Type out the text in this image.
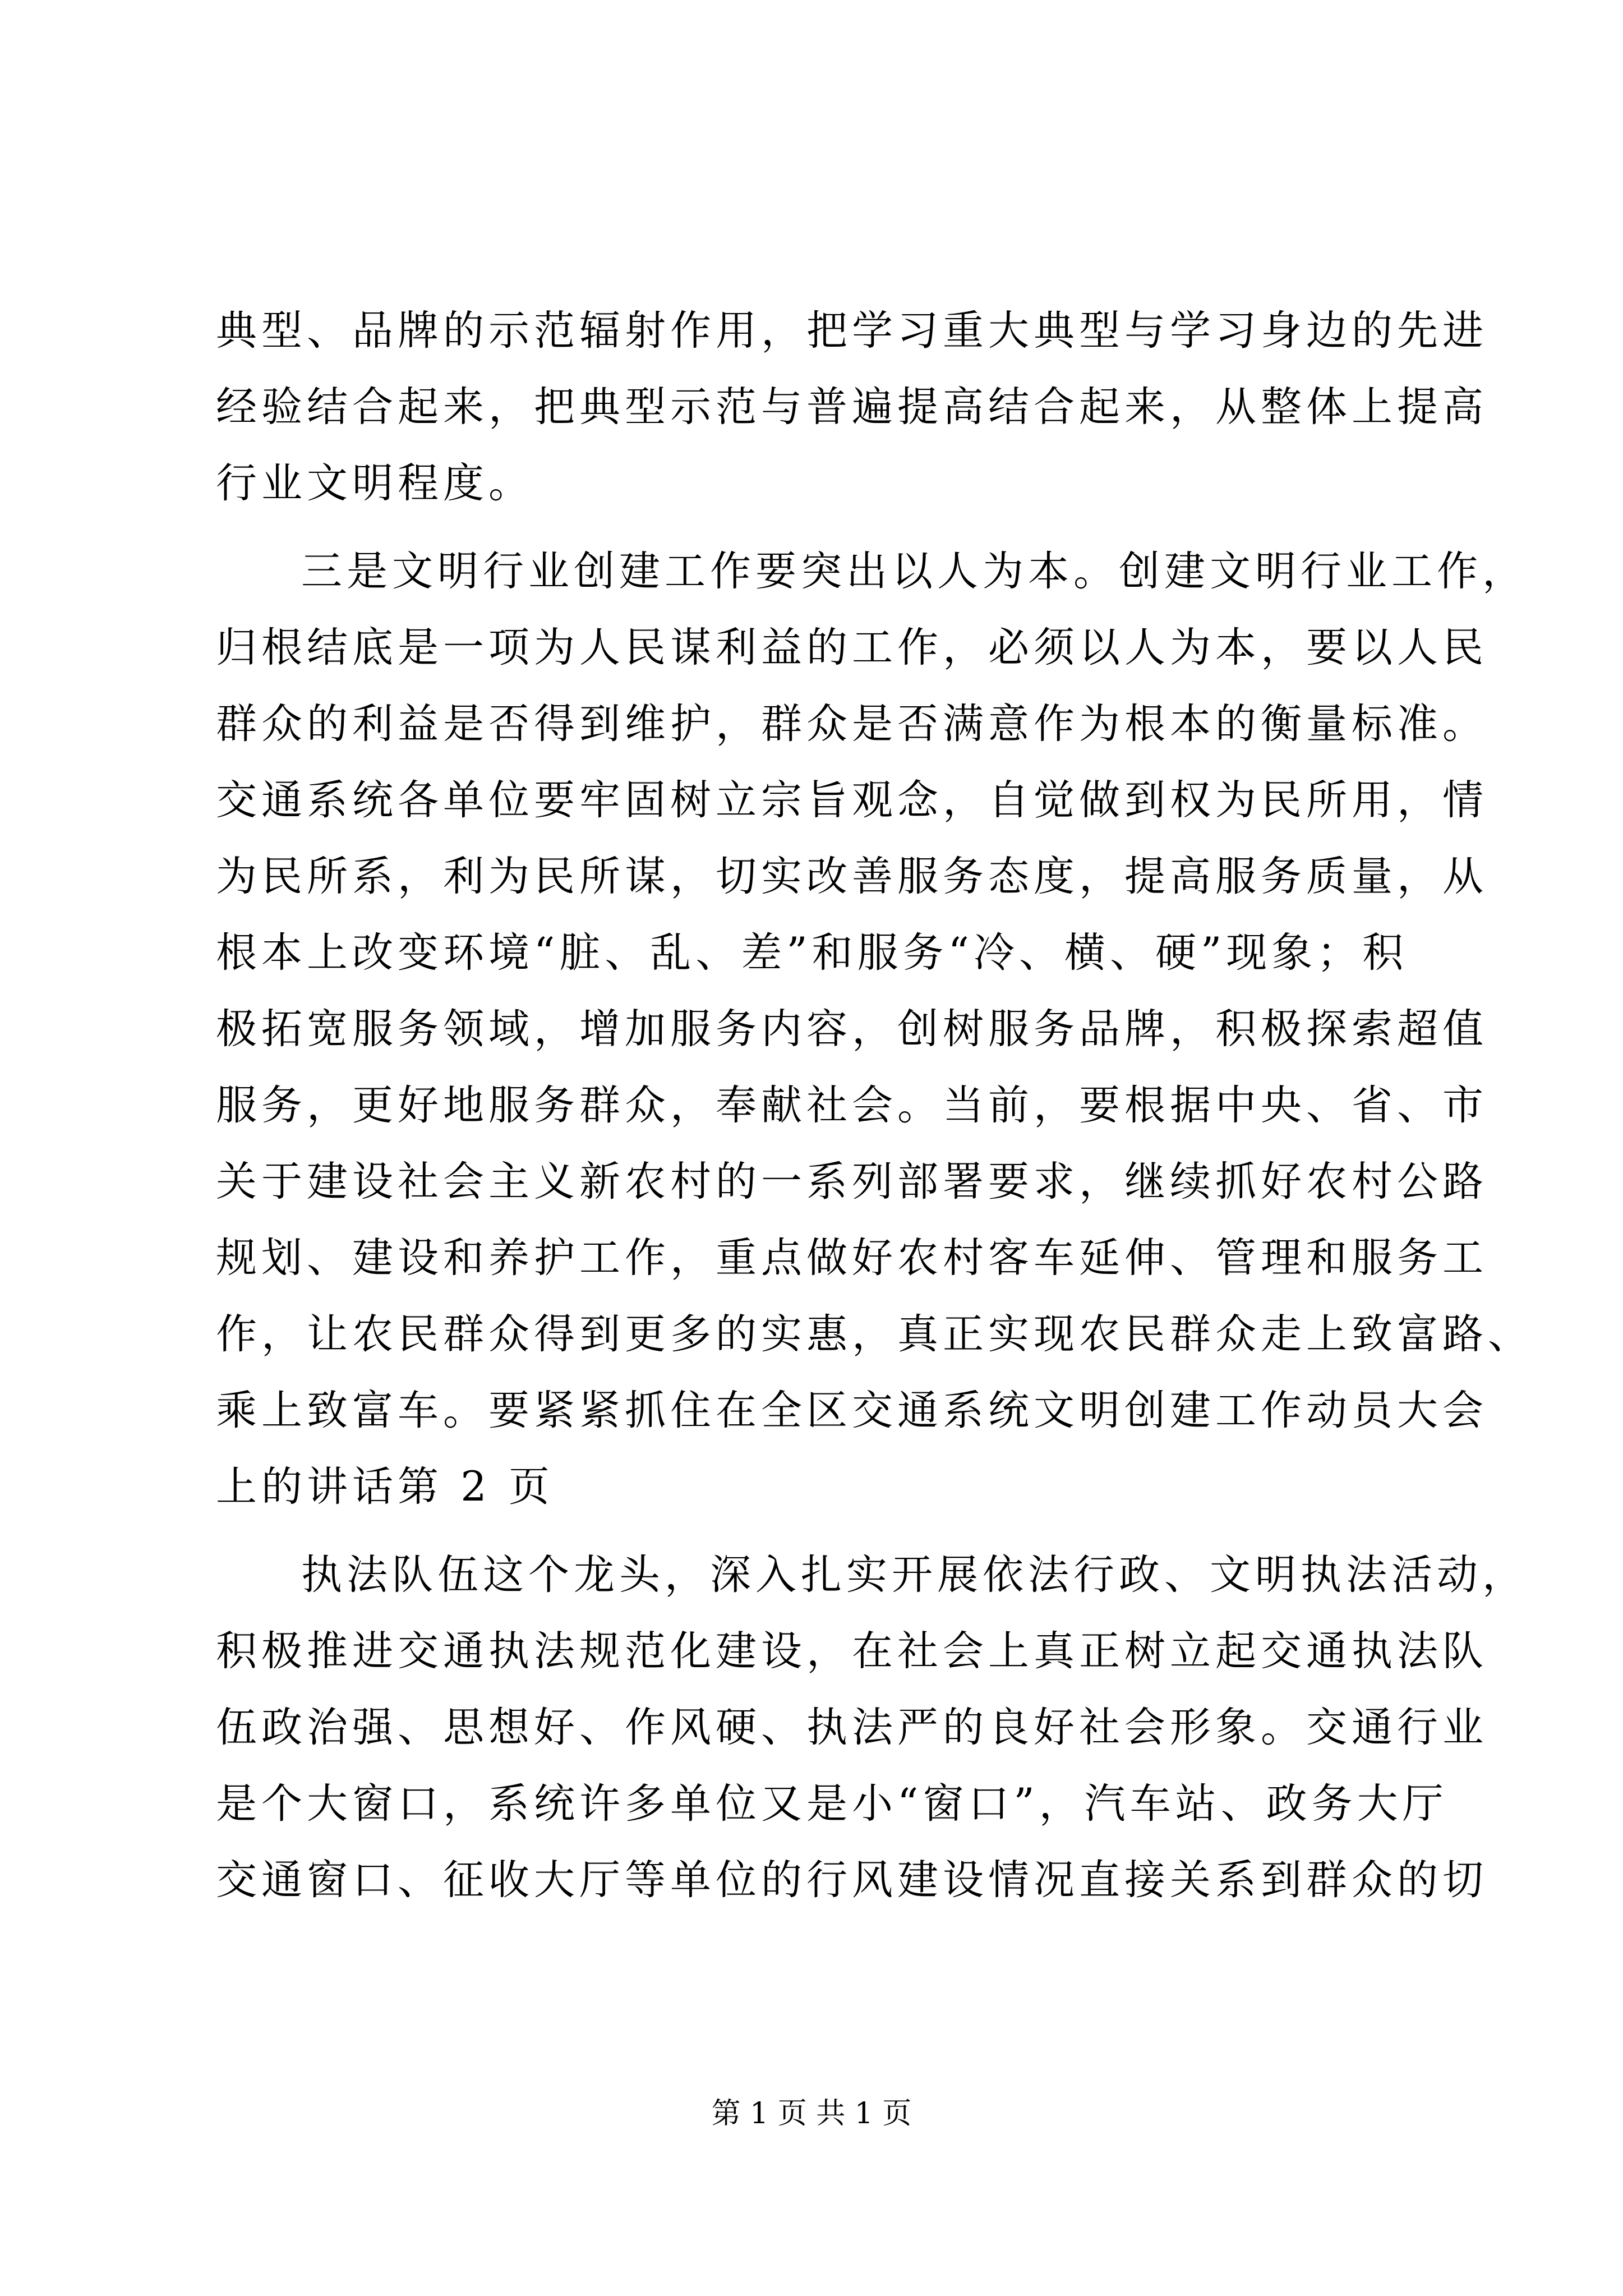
典型、品牌的示范辐射作用，把学习重大典型与学习身边的先进
经验结合起来，把典型示范与普遍提高结合起来，从整体上提高
行业文明程度。
三是文明行业创建工作要突出以人为本。创建文明行业工作，
归根结底是一项为人民谋利益的工作，必须以人为本，要以人民
群众的利益是否得到维护，群众是否满意作为根本的衡量标准。
交通系统各单位要牢固树立宗旨观念，自觉做到权为民所用，情
为民所系，利为民所谋，切实改善服务态度，提高服务质量，从
根本上改变环境“脏、乱、差”和服务“冷、横、硬”现象；积
极拓宽服务领域，增加服务内容，创树服务品牌，积极探索超值
服务，更好地服务群众，奉献社会。当前，要根据中央、省、市
关于建设社会主义新农村的一系列部署要求，继续抓好农村公路
规划、建设和养护工作，重点做好农村客车延伸、管理和服务工
作，让农民群众得到更多的实惠，真正实现农民群众走上致富路、
乘上致富车。要紧紧抓住在全区交通系统文明创建工作动员大会
上的讲话第 2 页
执法队伍这个龙头，深入扎实开展依法行政、文明执法活动，
积极推进交通执法规范化建设，在社会上真正树立起交通执法队
伍政治强、思想好、作风硬、执法严的良好社会形象。交通行业
是个大窗口，系统许多单位又是小“窗口”，汽车站、政务大厅
交通窗口、征收大厅等单位的行风建设情况直接关系到群众的切
第 1 页 共 1 页
